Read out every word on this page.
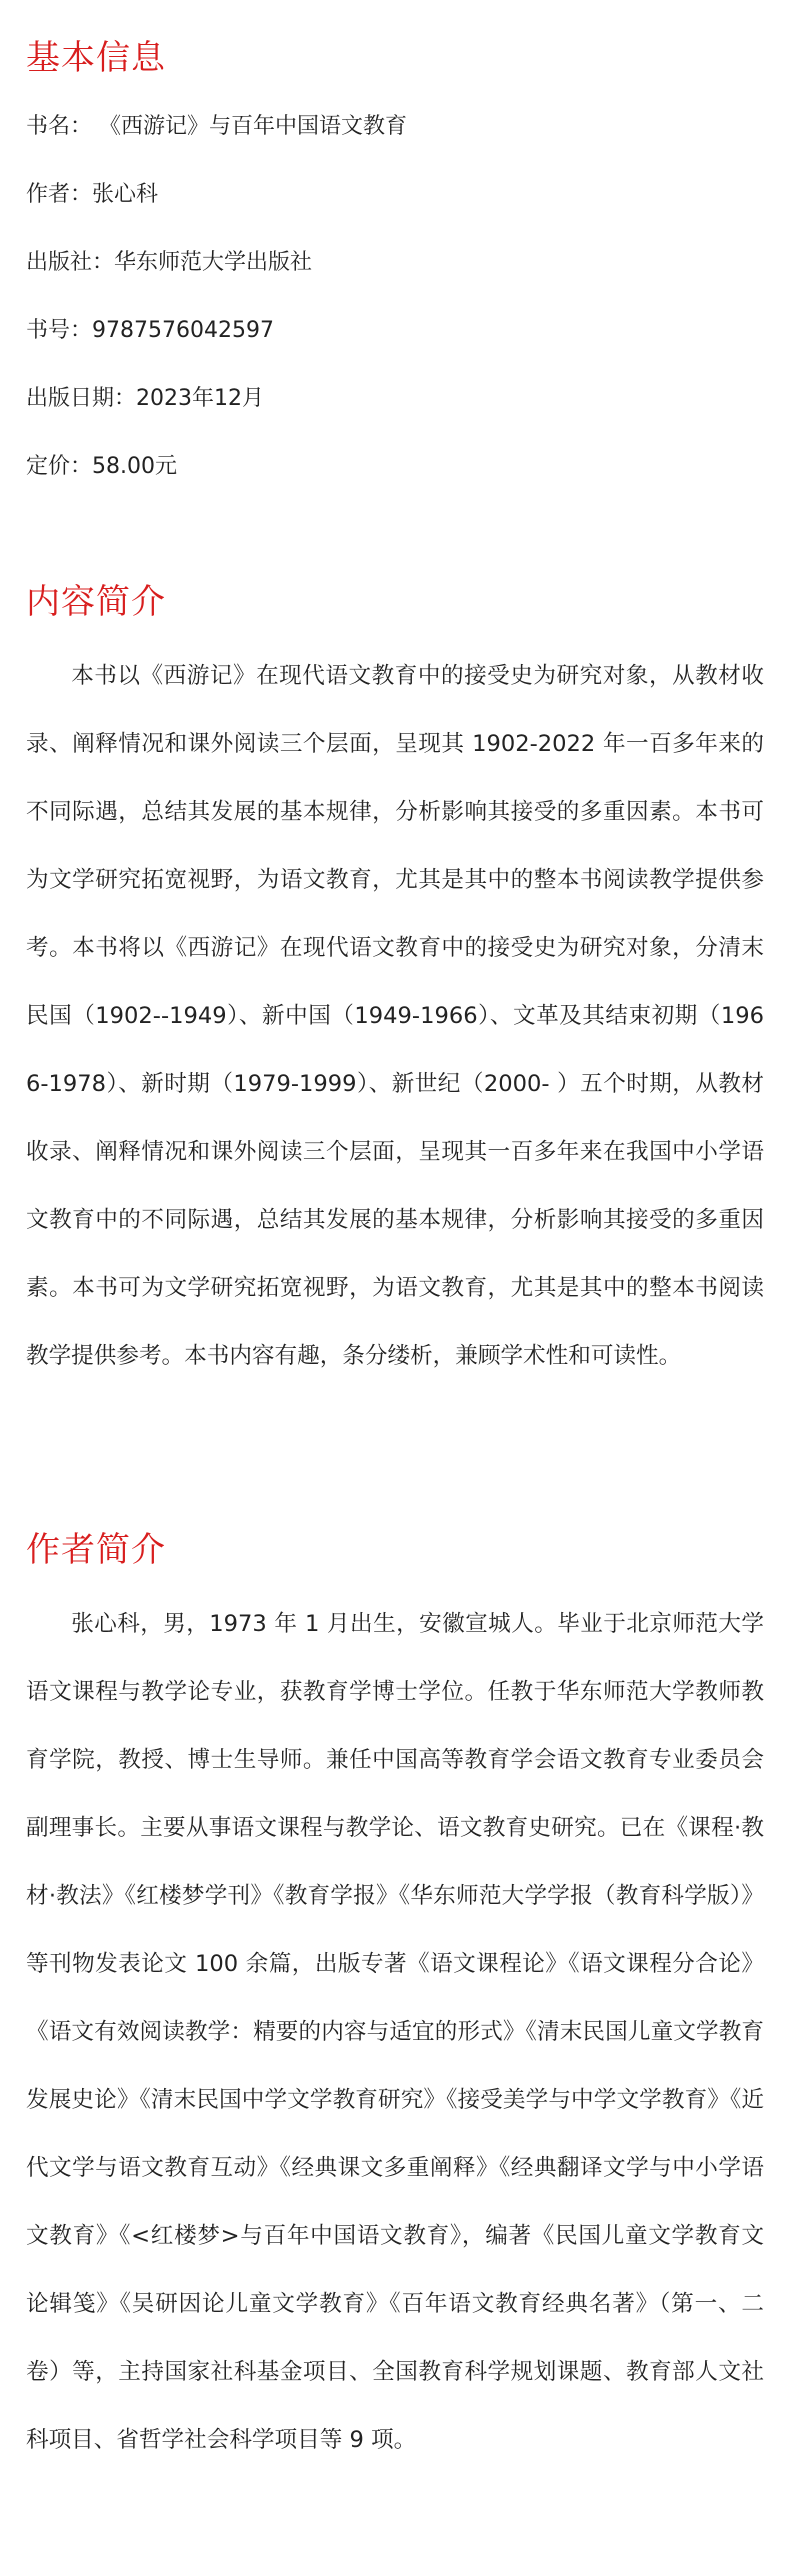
基本信息
书名： 《西游记》与百年中国语文教育
作者：张心科
出版社：华东师范大学出版社
书号：9787576042597
出版日期：2023年12月
定价：58.00元
内容简介

本书以《西游记》在现代语文教育中的接受史为研究对象，从教材收录、阐释情况和课外阅读三个层面，呈现其 1902-2022 年一百多年来的不同际遇，总结其发展的基本规律，分析影响其接受的多重因素。本书可为文学研究拓宽视野，为语文教育，尤其是其中的整本书阅读教学提供参考。本书将以《西游记》在现代语文教育中的接受史为研究对象，分清末民国（1902--1949）、新中国（1949-1966）、文革及其结束初期（1966-1978）、新时期（1979-1999）、新世纪（2000- ）五个时期，从教材收录、阐释情况和课外阅读三个层面，呈现其一百多年来在我国中小学语文教育中的不同际遇，总结其发展的基本规律，分析影响其接受的多重因素。本书可为文学研究拓宽视野，为语文教育，尤其是其中的整本书阅读教学提供参考。本书内容有趣，条分缕析，兼顾学术性和可读性。

作者简介

张心科，男，1973 年 1 月出生，安徽宣城人。毕业于北京师范大学语文课程与教学论专业，获教育学博士学位。任教于华东师范大学教师教育学院，教授、博士生导师。兼任中国高等教育学会语文教育专业委员会副理事长。主要从事语文课程与教学论、语文教育史研究。已在《课程·教材·教法》《红楼梦学刊》《教育学报》《华东师范大学学报（教育科学版）》等刊物发表论文 100 余篇，出版专著《语文课程论》《语文课程分合论》《语文有效阅读教学：精要的内容与适宜的形式》《清末民国儿童文学教育发展史论》《清末民国中学文学教育研究》《接受美学与中学文学教育》《近代文学与语文教育互动》《经典课文多重阐释》《经典翻译文学与中小学语文教育》《<红楼梦>与百年中国语文教育》，编著《民国儿童文学教育文论辑笺》《吴研因论儿童文学教育》《百年语文教育经典名著》（第一、二卷）等，主持国家社科基金项目、全国教育科学规划课题、教育部人文社科项目、省哲学社会科学项目等 9 项。
